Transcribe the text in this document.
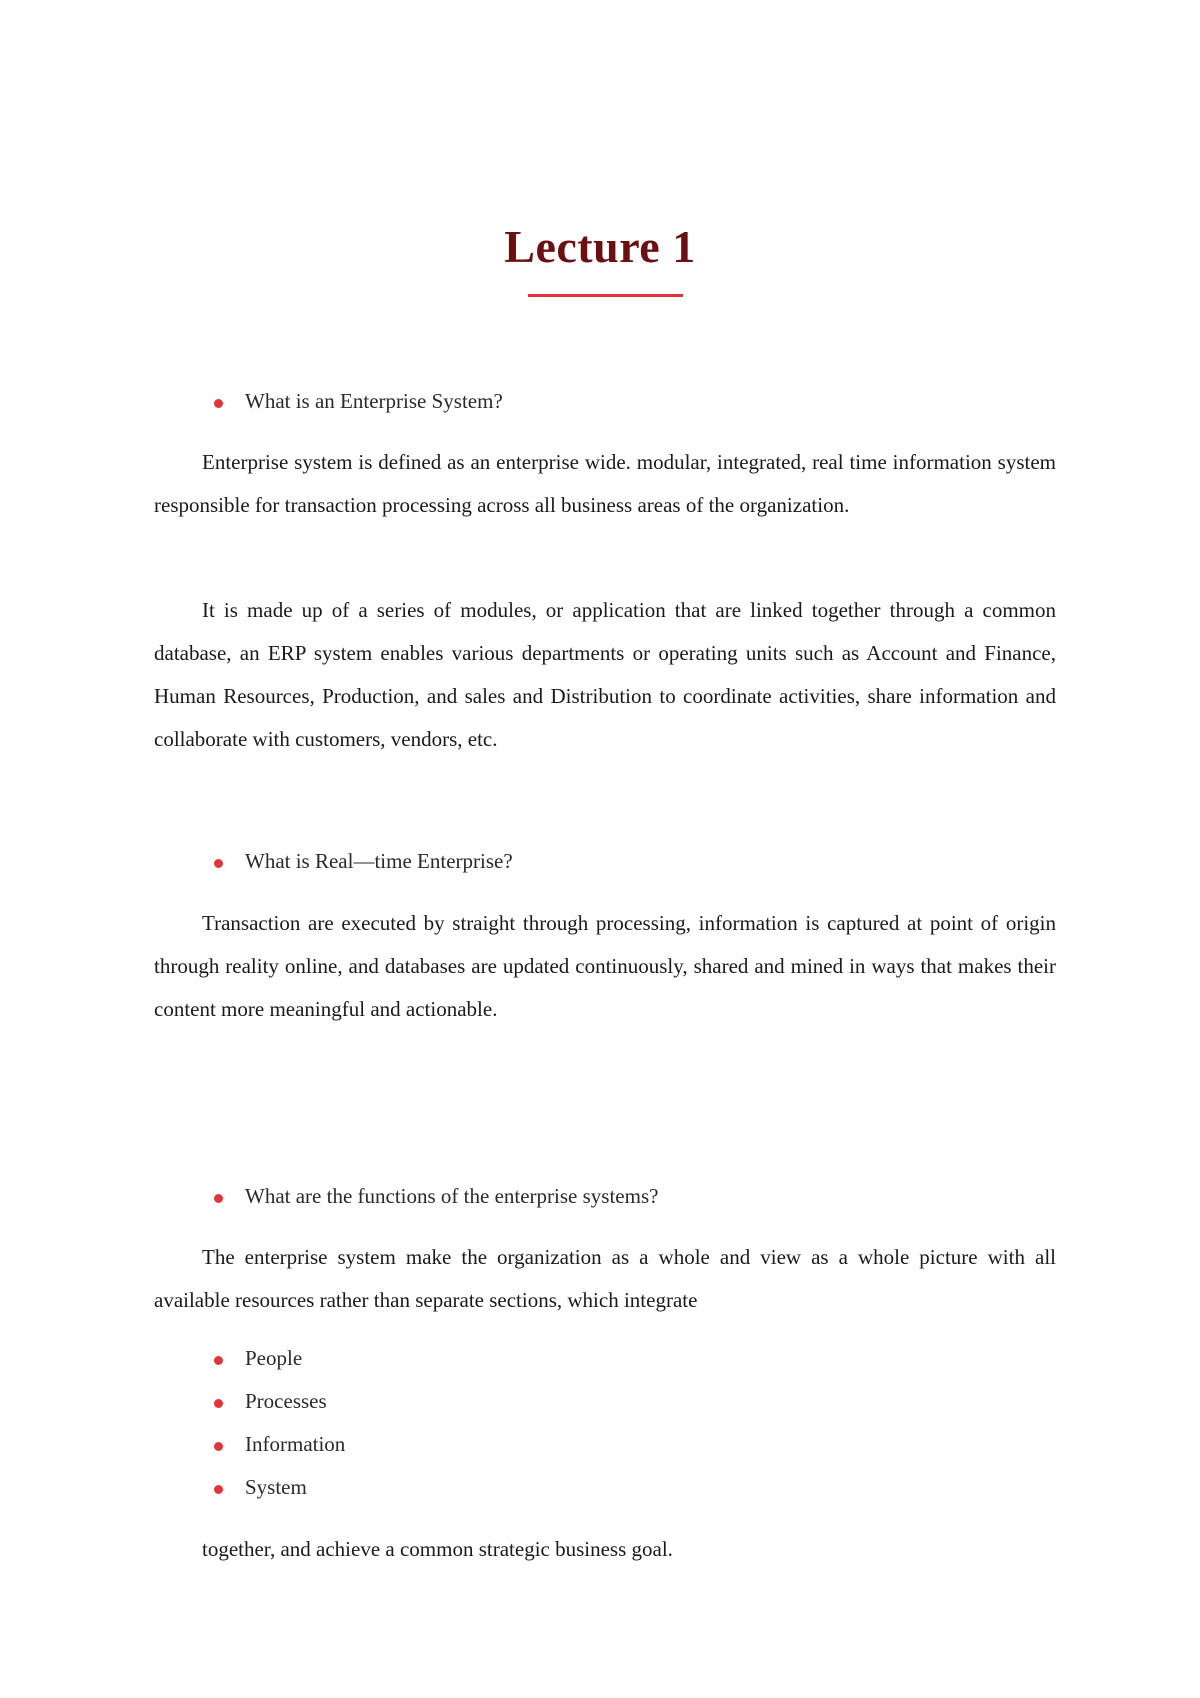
Lecture 1
What is an Enterprise System?
Enterprise system is defined as an enterprise wide. modular, integrated, real time information system responsible for transaction processing across all business areas of the organization.
It is made up of a series of modules, or application that are linked together through a common database, an ERP system enables various departments or operating units such as Account and Finance, Human Resources, Production, and sales and Distribution to coordinate activities, share information and collaborate with customers, vendors, etc.
What is Real—time Enterprise?
Transaction are executed by straight through processing, information is captured at point of origin through reality online, and databases are updated continuously, shared and mined in ways that makes their content more meaningful and actionable.
What are the functions of the enterprise systems?
The enterprise system make the organization as a whole and view as a whole picture with all available resources rather than separate sections, which integrate
People
Processes
Information
System
together, and achieve a common strategic business goal.
